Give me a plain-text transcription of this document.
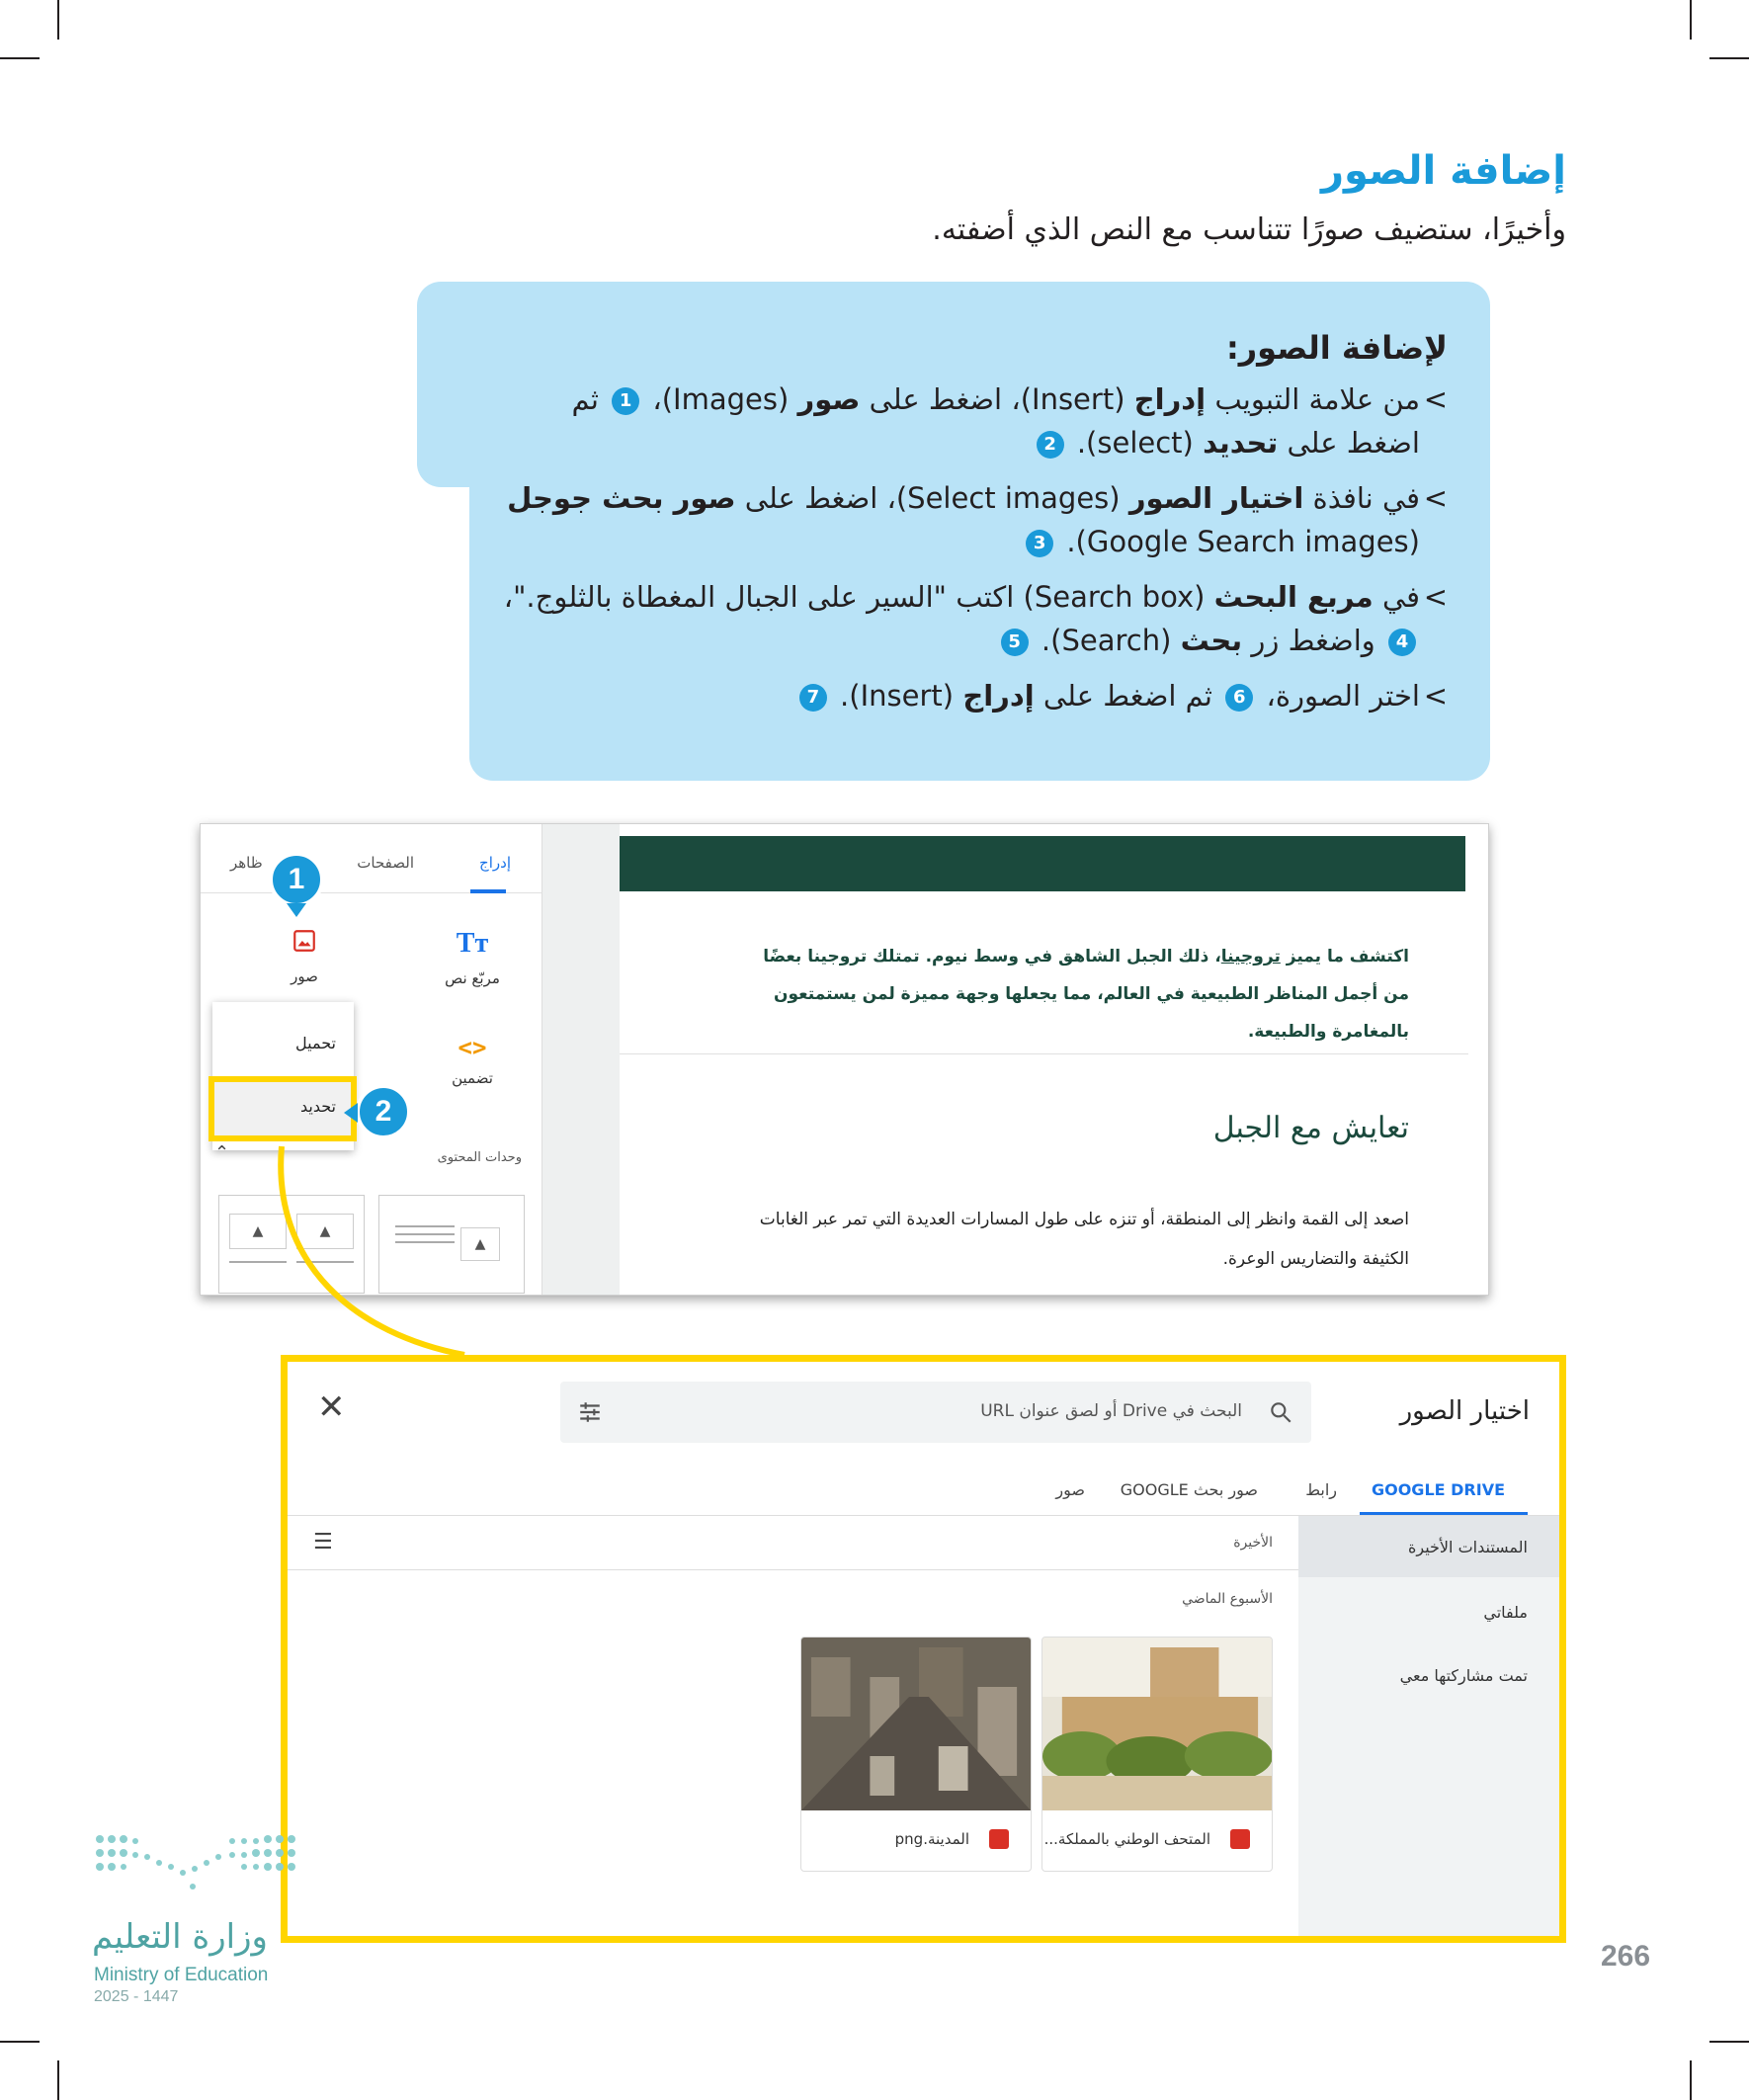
إضافة الصور
وأخيرًا، ستضيف صورًا تتناسب مع النص الذي أضفته.
لإضافة الصور:
> من علامة التبويب إدراج (Insert)، اضغط على صور (Images)، 1 ثم اضغط على تحديد (select). 2
> في نافذة اختيار الصور (Select images)، اضغط على صور بحث جوجل (Google Search images). 3
> في مربع البحث (Search box) اكتب "السير على الجبال المغطاة بالثلوج."، 4 واضغط زر بحث (Search). 5
> اختر الصورة، 6 ثم اضغط على إدراج (Insert). 7
إدراج
الصفحات
ظاهر
Tт
مربّع نص
صور
<>
تضمين
تحميل
تحديد
⌃	وحدات المحتوى
▲
▲	▲
اكتشف ما يميز تروجينا، ذلك الجبل الشاهق في وسط نيوم. تمتلك تروجينا بعضًا من أجمل المناظر الطبيعية في العالم، مما يجعلها وجهة مميزة لمن يستمتعون بالمغامرة والطبيعة.
تعايش مع الجبل
اصعد إلى القمة وانظر إلى المنطقة، أو تنزه على طول المسارات العديدة التي تمر عبر الغابات الكثيفة والتضاريس الوعرة.
1
2
اختيار الصور
البحث في Drive أو لصق عنوان URL
✕
GOOGLE DRIVE
رابط
صور بحث GOOGLE
صور
المستندات الأخيرة
ملفاتي
تمت مشاركتها معي
☰	الأخيرة
الأسبوع الماضي
المتحف الوطني بالمملكة...
المدينة.png
وزارة التعليم
Ministry of Education
2025 - 1447
266
